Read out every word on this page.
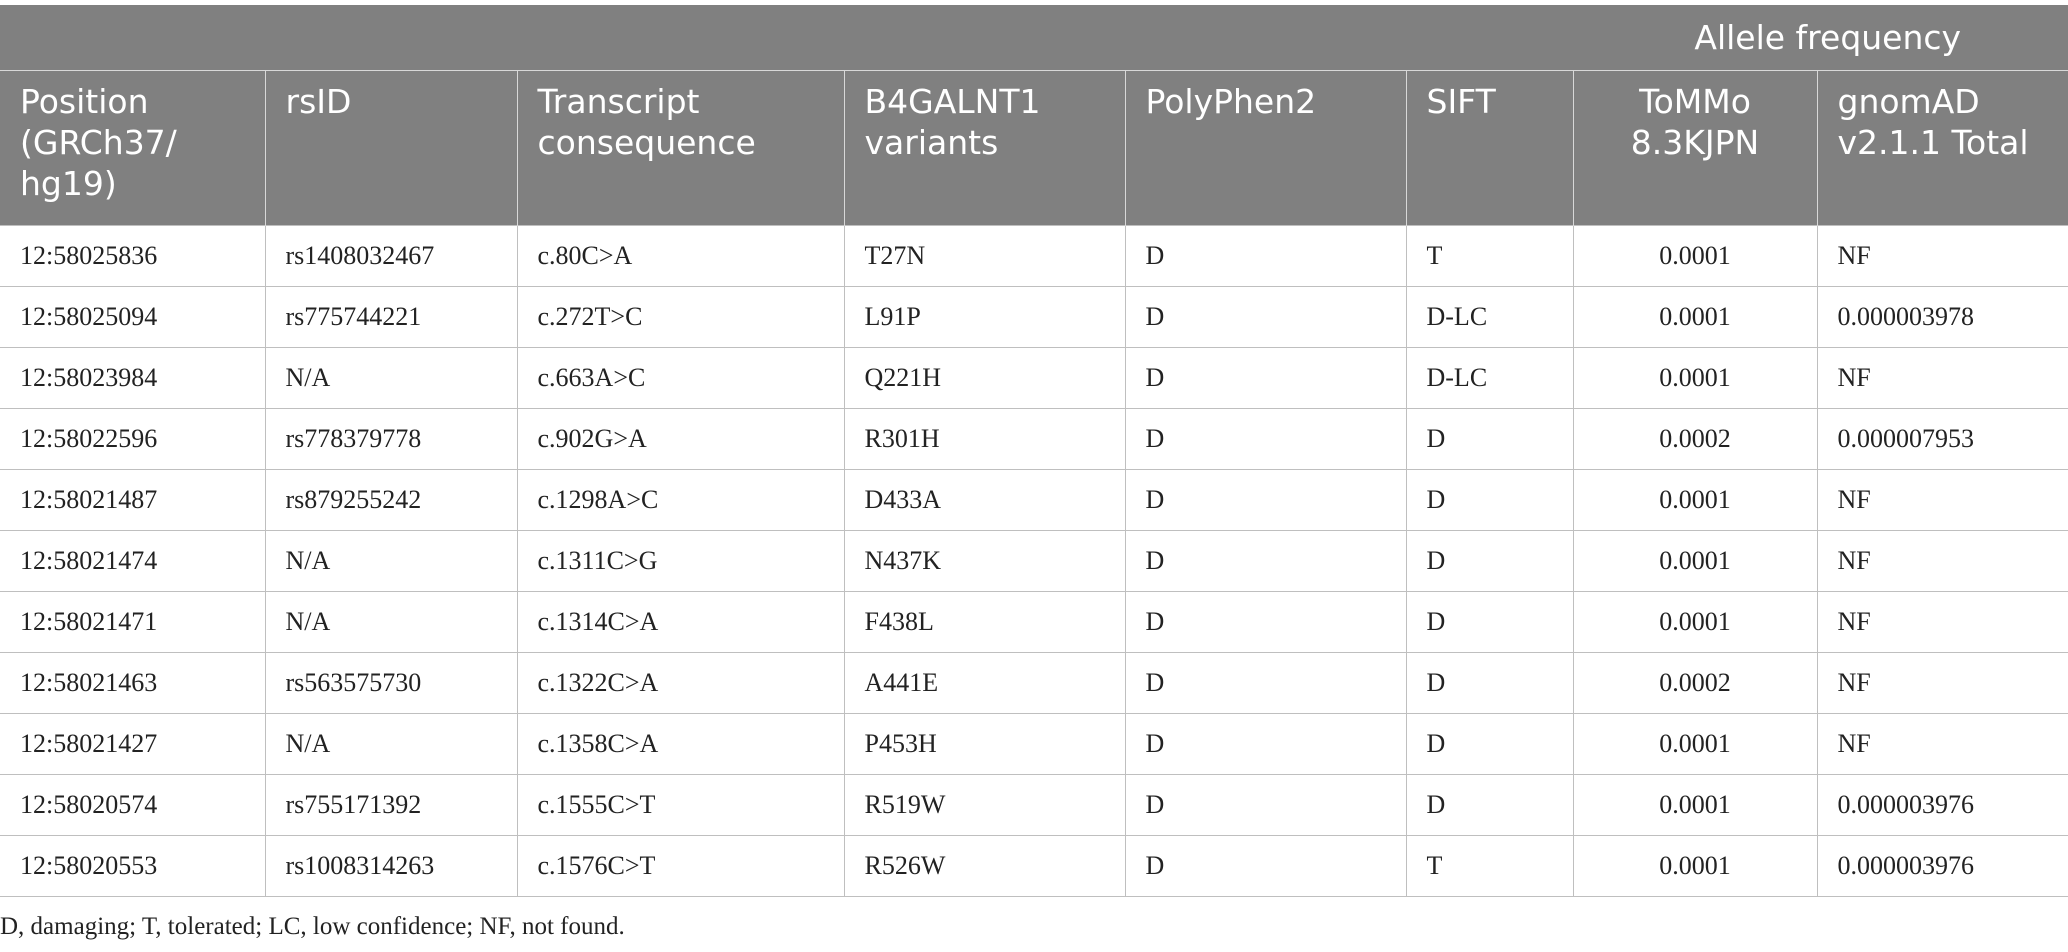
Allele frequency							
Position (GRCh37/ hg19)	rsID	Transcript consequence	B4GALNT1 variants	PolyPhen2	SIFT	ToMMo 8.3KJPN	gnomAD v2.1.1 Total
12:58025836	rs1408032467	c.80C>A	T27N	D	T	0.0001	NF
12:58025094	rs775744221	c.272T>C	L91P	D	D-LC	0.0001	0.000003978
12:58023984	N/A	c.663A>C	Q221H	D	D-LC	0.0001	NF
12:58022596	rs778379778	c.902G>A	R301H	D	D	0.0002	0.000007953
12:58021487	rs879255242	c.1298A>C	D433A	D	D	0.0001	NF
12:58021474	N/A	c.1311C>G	N437K	D	D	0.0001	NF
12:58021471	N/A	c.1314C>A	F438L	D	D	0.0001	NF
12:58021463	rs563575730	c.1322C>A	A441E	D	D	0.0002	NF
12:58021427	N/A	c.1358C>A	P453H	D	D	0.0001	NF
12:58020574	rs755171392	c.1555C>T	R519W	D	D	0.0001	0.000003976
12:58020553	rs1008314263	c.1576C>T	R526W	D	T	0.0001	0.000003976
D, damaging; T, tolerated; LC, low confidence; NF, not found.
